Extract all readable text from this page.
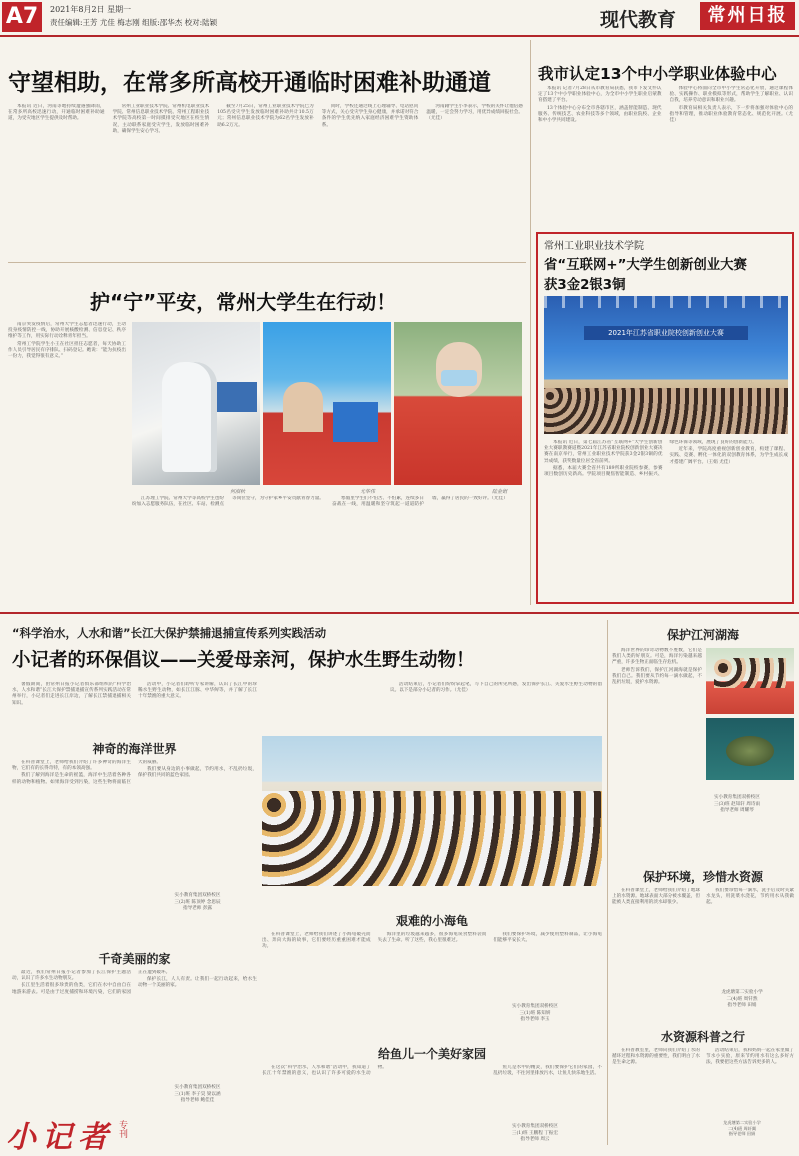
A7	2021年8月2日 星期一
责任编辑:王芳 尤佳 梅志刚 组版:邵华杰 校对:陆颖	现代教育	常州日报
守望相助，在常多所高校开通临时困难补助通道

本报讯 近日，河南等地持续遭遇强降雨，在常多所高校迅速行动，开通临时困难补助通道，为受灾地区学生提供及时帮助。

常州工业职业技术学院、常州机电职业技术学院、常州信息职业技术学院、常州工程职业技术学院等高校第一时间摸排受灾地区在校生情况，主动联系家庭受灾学生，发放临时困难补助，确保学生安心学习。

截至7月25日，常州工业职业技术学院已为105名受灾学生发放临时困难补助共计10.5万元；常州信息职业技术学院为62名学生发放补助6.2万元。

同时，学校还通过线上心理辅导、电话慰问等方式，关心受灾学生身心健康，并承诺对符合条件的学生优先纳入家庭经济困难学生资助体系。

河南籍学生小李表示，学校的关怀让他倍感温暖，一定会努力学习，用优异成绩回报社会。（尤佳）

我市认定13个中小学职业体验中心

本报讯 记者7月28日从市教育局获悉，我市下发文件认定了13个中小学职业体验中心，为全市中小学生职业启蒙教育搭建了平台。

13个体验中心分布全市各辖市区，涵盖智能制造、现代服务、传统技艺、农业科技等多个领域，由职业院校、企业和中小学共同建设。

体验中心将面向全市中小学生常态化开放，通过课程体验、实践操作、职业模拟等形式，帮助学生了解职业、认识自我，培养劳动意识和职业兴趣。

市教育局相关负责人表示，下一步将加强对体验中心的指导和管理，推动职业体验教育常态化、规范化开展。（尤佳）

常州工业职业技术学院
省“互联网+”大学生创新创业大赛
获3金2银3铜
2021年江苏省职业院校创新创业大赛

本报讯 近日，第七届江苏省“互联网+”大学生创新创业大赛职教赛道暨2021年江苏省职业院校创新创业大赛决赛在南京举行，常州工业职业技术学院获3金2银3铜的优异成绩，获奖数量位居全省前列。

据悉，本届大赛全省共有189所职业院校参赛，参赛项目数创历史新高。学院项目聚焦智能制造、乡村振兴、绿色环保等领域，展现了良好的创新能力。

近年来，学院高度重视创新创业教育，构建了课程、实践、竞赛、孵化一体化的双创教育体系，为学生成长成才搭建广阔平台。（王娟 尤佳）

护“宁”平安，常州大学生在行动！

南京突发疫情后，常州大学生志愿者迅速行动，主动投身疫情防控一线，协助开展核酸检测、信息登记、秩序维护等工作，用实际行动诠释青年担当。

常州工学院学生小王在社区担任志愿者，每天协助工作人员引导居民有序排队、扫码登记。她说：“能为抗疫出一份力，我觉得很有意义。”

何淑秋	尤华伟	陆金娟

江苏理工学院、常州大学等高校学生也纷纷加入志愿服务队伍，在社区、车站、检测点等岗位坚守，为守护家乡平安贡献青春力量。	寒假里学生们不怕苦、不怕累，连续多日奋战在一线，用温暖和坚守筑起一道道防护墙，赢得了居民的一致好评。（尤佳）

“科学治水，人水和谐”长江大保护禁捕退捕宣传系列实践活动
小记者的环保倡议——关爱母亲河，保护水生野生动物！

暑假期间，由常州日报小记者俱乐部组织的“科学治水，人水和谐”长江大保护禁捕退捕宣传系列实践活动在常州举行，小记者们走进长江岸边，了解长江禁捕退捕相关知识。

活动中，小记者们聆听专家讲解，认识了长江中的珍稀水生野生动物，如长江江豚、中华鲟等，并了解了长江十年禁渔的重大意义。

活动结束后，小记者们纷纷拿起笔，写下自己的所见所感，发出保护长江、关爱水生野生动物的倡议。以下是部分小记者的习作。（尤佳）

神奇的海洋世界

在科普课堂上，老师给我们介绍了许多神奇的海洋生物，它们有的长得奇特，有的本领高强。

我们了解到海洋是生命的摇篮，海洋中生活着各种各样的动物和植物。如果海洋受到污染，这些生物将面临巨大的威胁。

我们要从身边的小事做起，节约用水，不乱扔垃圾，保护我们共同的蓝色家园。

实小教育集团双桥校区
三(2)班 陈顶婷 念思辰
指导老师 彭露
千奇美丽的家

最近，我们常州日报小记者参加了长江保护主题活动，认识了许多水生动物朋友。

长江里生活着很多珍贵的鱼类，它们在水中自由自在地游来游去。可是由于过度捕捞和环境污染，它们的家园正在遭到破坏。

保护长江，人人有责。让我们一起行动起来，给水生动物一个美丽的家。

实小教育集团双桥校区
三(1)班 李子昊 梁以涵
指导老师 鲍佳佳
艰难的小海龟

在科普课堂上，老师给我们讲述了小海龟破壳而出、奔向大海的故事，它们要经历重重困难才能成功。

海洋里的垃圾越来越多，很多海龟误食塑料袋而失去了生命。听了这些，我心里很难过。

我们要保护环境，减少使用塑料制品，让小海龟们能够平安长大。

实小教育集团双桥校区
三(1)班 陈知妍
指导老师 李玉
给鱼儿一个美好家园

在这次“科学治水，人水和谐”活动中，我知道了长江十年禁渔的意义，也认识了许多可爱的水生动物。	鱼儿是水中的精灵，我们要保护它们的家园，不乱扔垃圾，不往河里排放污水，让鱼儿快乐地生活。

实小教育集团双桥校区
三(1)班 王鹏程 丁振宏
指导老师 周云
保护江河湖海

海洋世界的珍奇动物数不胜数，它们是我们人类的好朋友。可是，海洋污染越来越严重，许多生物正面临生存危机。

老师告诉我们，保护江河湖海就是保护我们自己。我们要从节约每一滴水做起，不乱扔垃圾，爱护水资源。

实小教育集团双桥校区
三(3)班 赵知轩 周诗雨
指导老师 周耀琴
保护环境，珍惜水资源

在科普课堂上，老师给我们介绍了地球上的水资源。地球表面大部分被水覆盖，但能被人类直接利用的淡水却很少。

我们要珍惜每一滴水，洗手后及时关紧水龙头，用洗菜水浇花，节约用水从我做起。

龙虎塘第二实验小学
二(4)班 周钎然
指导老师 田娟
水资源科普之行

在科普教室里，老师向我们介绍了水的循环过程和水资源的重要性，我们明白了水是生命之源。

活动结束后，我和妈妈一起在家里做了节水小实验，原来节约用水有这么多好方法，我要把这些方法告诉更多的人。

龙虎塘第二实验小学
二(4)班 周轩阗
指导老师 田娟
小记者 专刊
